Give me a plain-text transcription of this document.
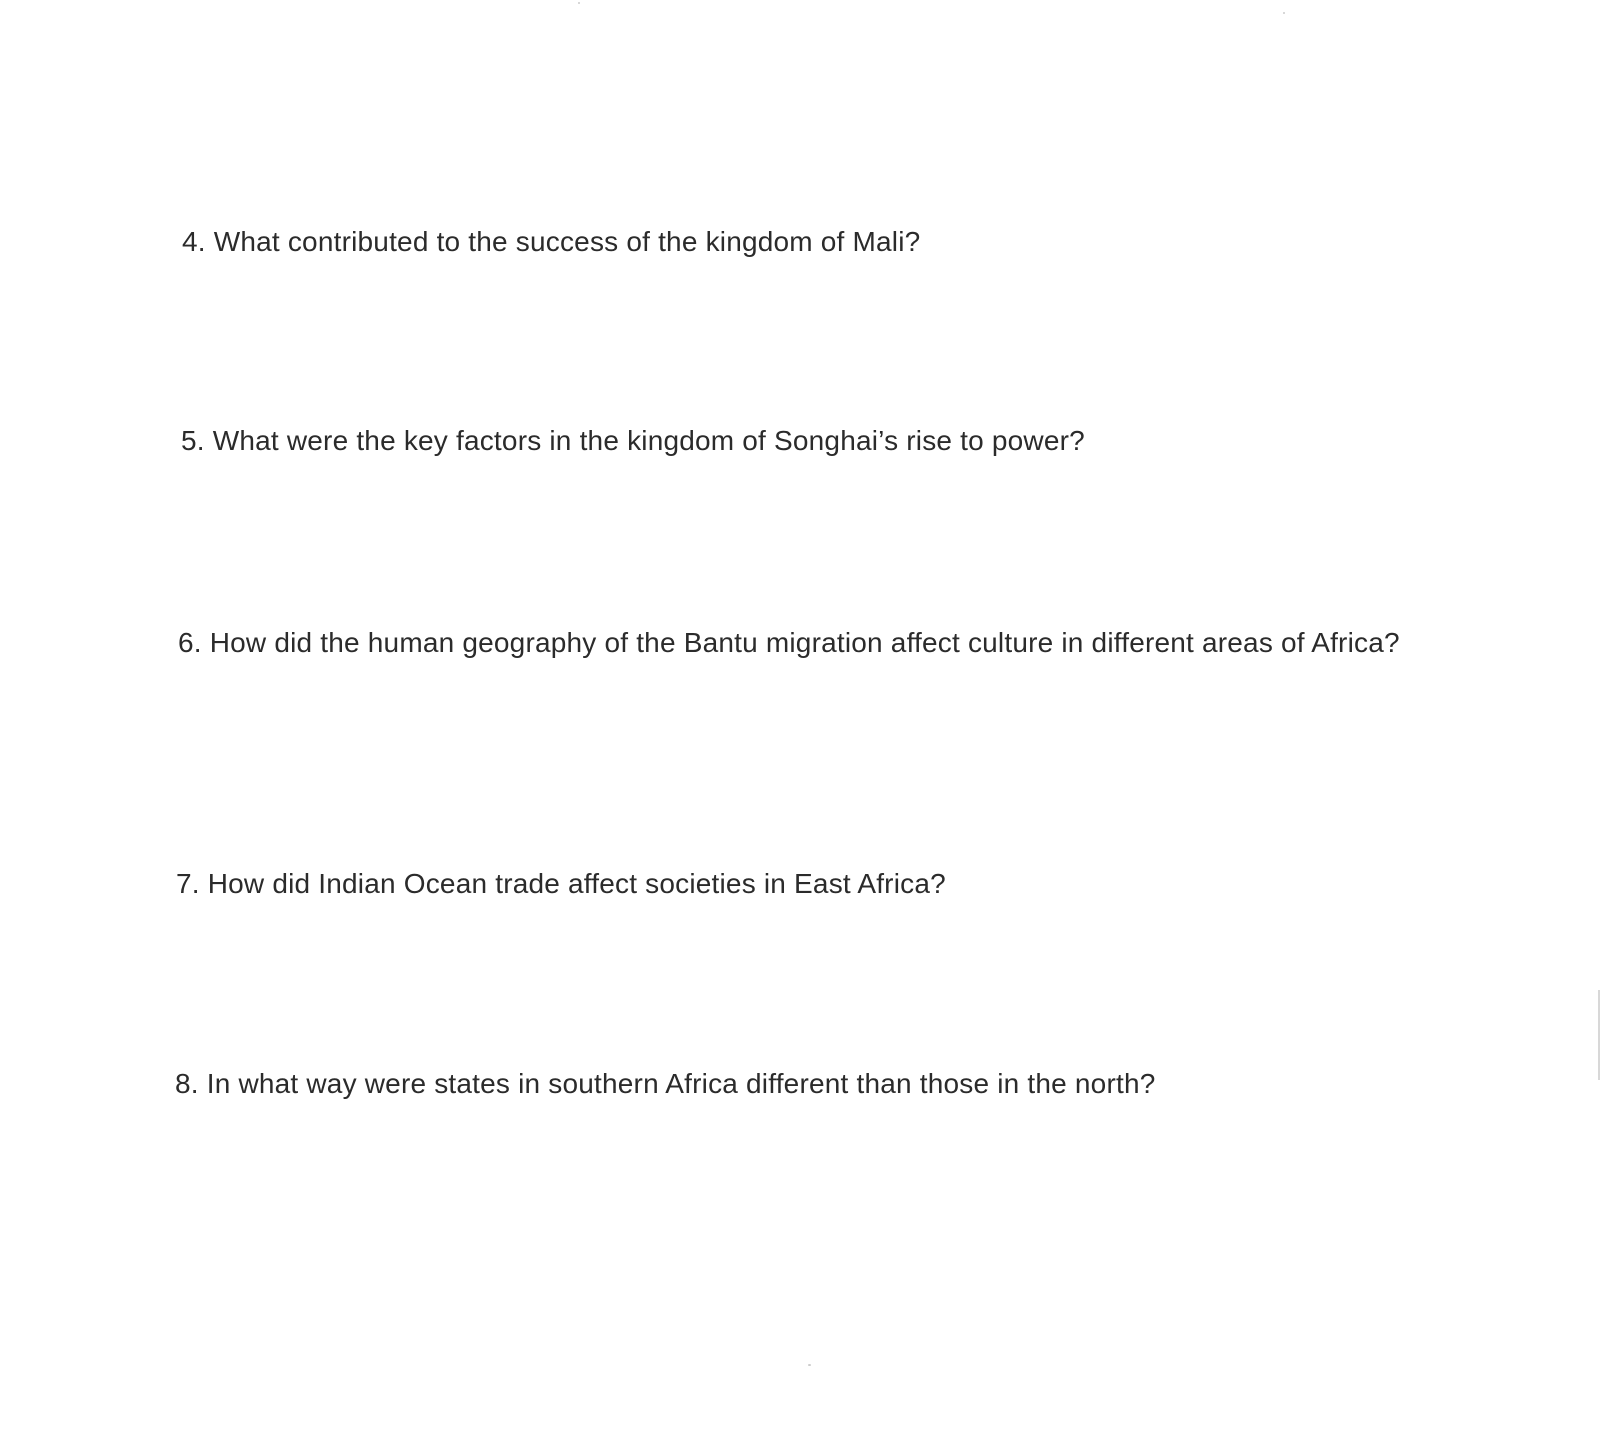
4. What contributed to the success of the kingdom of Mali?

5. What were the key factors in the kingdom of Songhai’s rise to power?

6. How did the human geography of the Bantu migration affect culture in different areas of Africa?

7. How did Indian Ocean trade affect societies in East Africa?

8. In what way were states in southern Africa different than those in the north?
